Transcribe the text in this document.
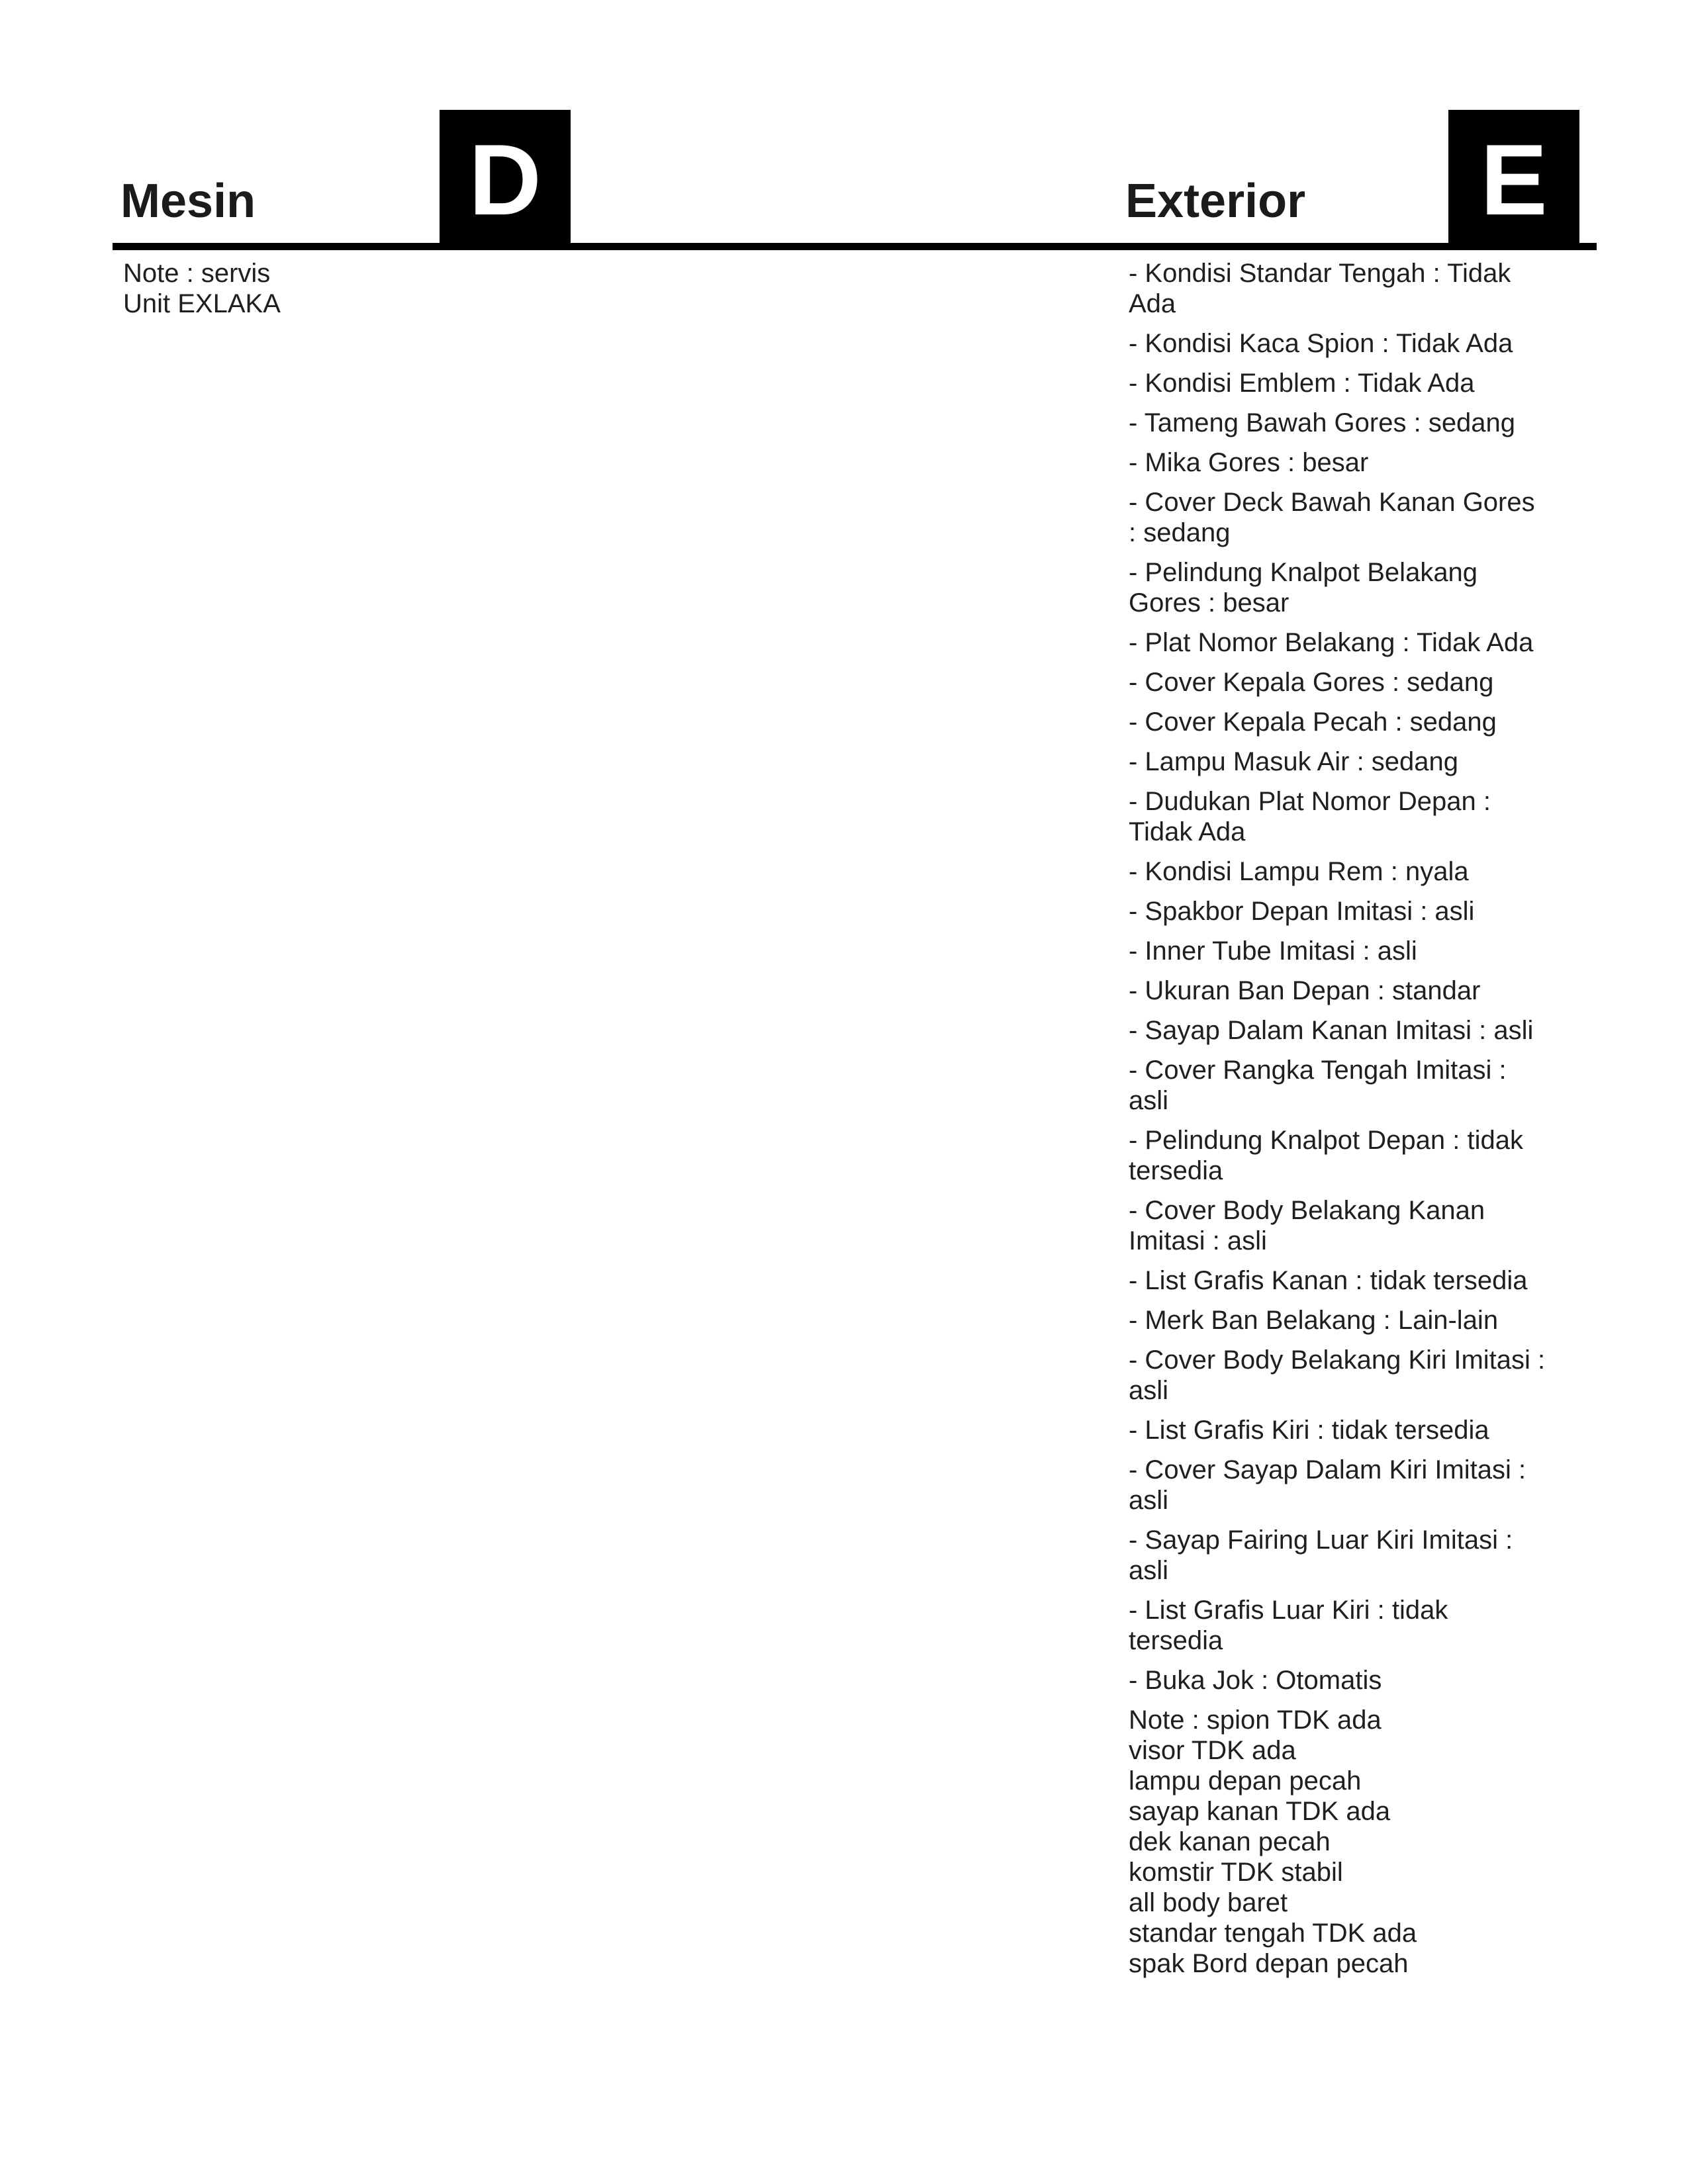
Mesin D	Exterior	E
Note : servis
Unit EXLAKA
- Kondisi Standar Tengah : Tidak Ada
- Kondisi Kaca Spion : Tidak Ada
- Kondisi Emblem : Tidak Ada
- Tameng Bawah Gores : sedang
- Mika Gores : besar
- Cover Deck Bawah Kanan Gores : sedang
- Pelindung Knalpot Belakang Gores : besar
- Plat Nomor Belakang : Tidak Ada
- Cover Kepala Gores : sedang
- Cover Kepala Pecah : sedang
- Lampu Masuk Air : sedang
- Dudukan Plat Nomor Depan : Tidak Ada
- Kondisi Lampu Rem : nyala
- Spakbor Depan Imitasi : asli
- Inner Tube Imitasi : asli
- Ukuran Ban Depan : standar
- Sayap Dalam Kanan Imitasi : asli
- Cover Rangka Tengah Imitasi : asli
- Pelindung Knalpot Depan : tidak tersedia
- Cover Body Belakang Kanan Imitasi : asli
- List Grafis Kanan : tidak tersedia
- Merk Ban Belakang : Lain-lain
- Cover Body Belakang Kiri Imitasi : asli
- List Grafis Kiri : tidak tersedia
- Cover Sayap Dalam Kiri Imitasi : asli
- Sayap Fairing Luar Kiri Imitasi : asli
- List Grafis Luar Kiri : tidak tersedia
- Buka Jok : Otomatis
Note : spion TDK ada
visor TDK ada
lampu depan pecah
sayap kanan TDK ada
dek kanan pecah
komstir TDK stabil
all body baret
standar tengah TDK ada
spak Bord depan pecah
